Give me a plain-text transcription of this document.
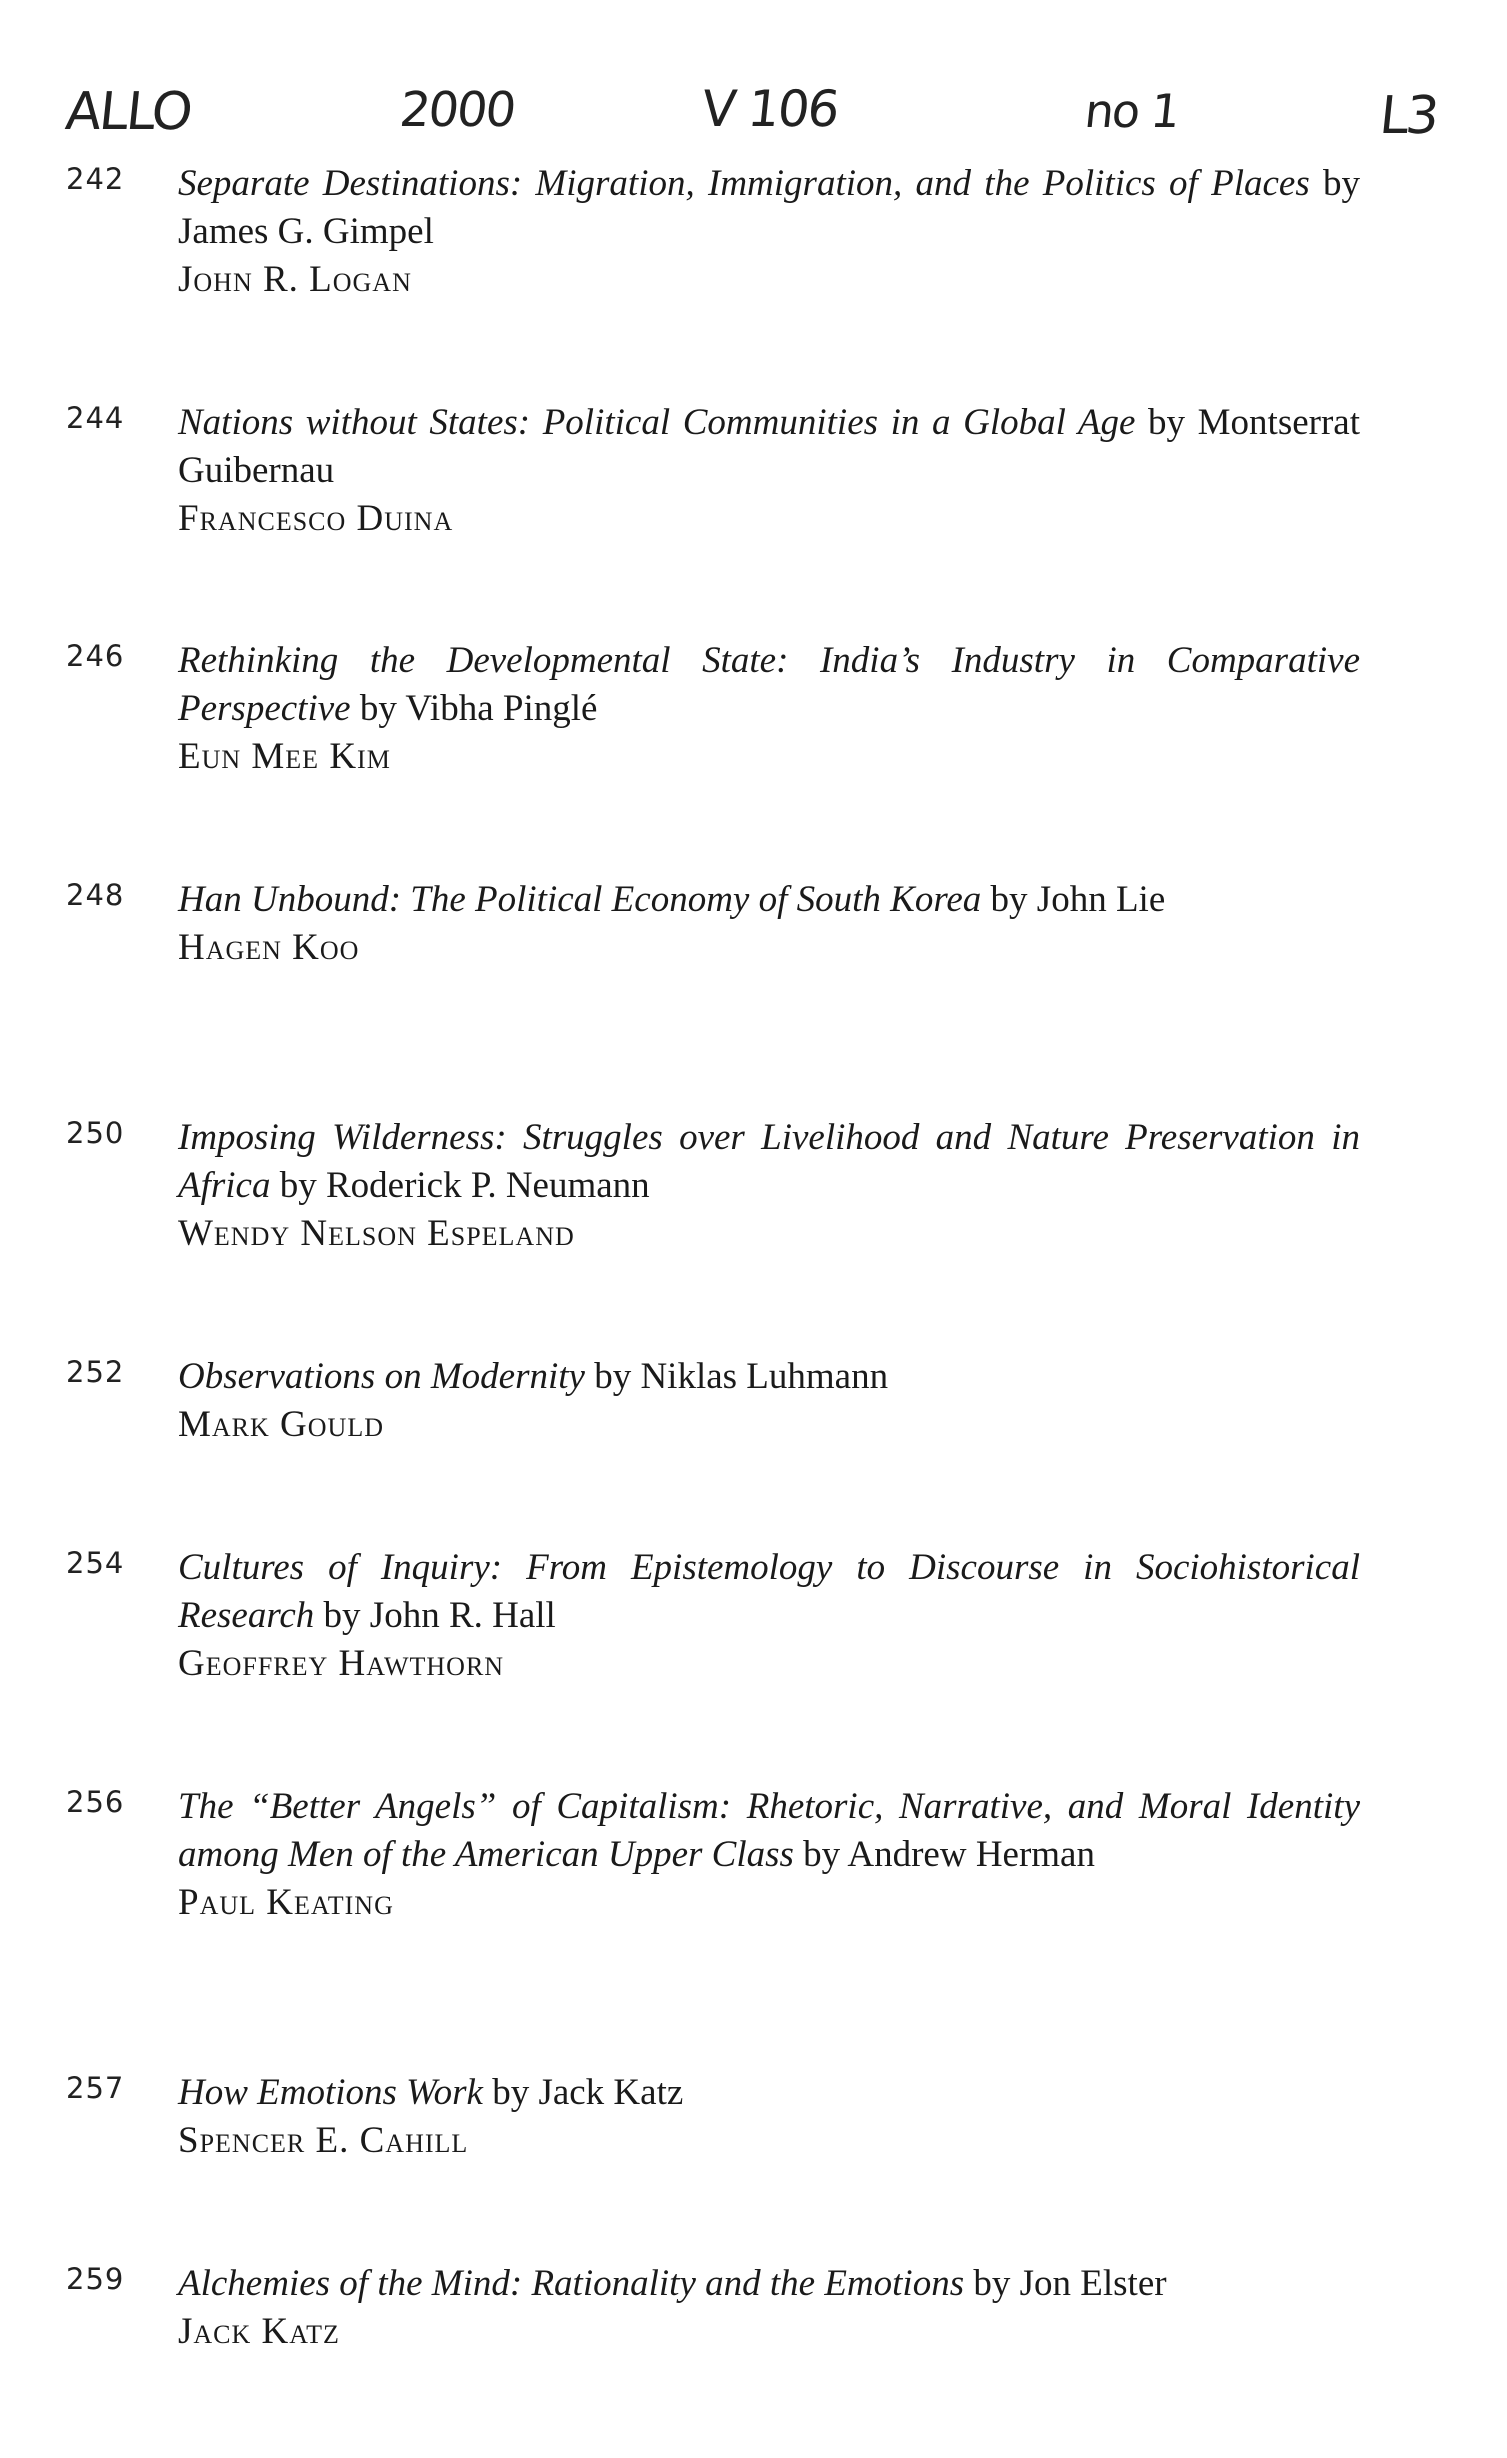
ALLO	2000	V 106	no 1	L3
242 Separate Destinations: Migration, Immigration, and the Politics of Places by James G. Gimpel
John R. Logan
244 Nations without States: Political Communities in a Global Age by Montserrat Guibernau
Francesco Duina
246 Rethinking the Developmental State: India’s Industry in Comparative Perspective by Vibha Pinglé
Eun Mee Kim
248 Han Unbound: The Political Economy of South Korea by John Lie
Hagen Koo
250 Imposing Wilderness: Struggles over Livelihood and Nature Preservation in Africa by Roderick P. Neumann
Wendy Nelson Espeland
252 Observations on Modernity by Niklas Luhmann
Mark Gould
254 Cultures of Inquiry: From Epistemology to Discourse in Sociohistorical Research by John R. Hall
Geoffrey Hawthorn
256 The “Better Angels” of Capitalism: Rhetoric, Narrative, and Moral Identity among Men of the American Upper Class by Andrew Herman
Paul Keating
257 How Emotions Work by Jack Katz
Spencer E. Cahill
259 Alchemies of the Mind: Rationality and the Emotions by Jon Elster
Jack Katz
